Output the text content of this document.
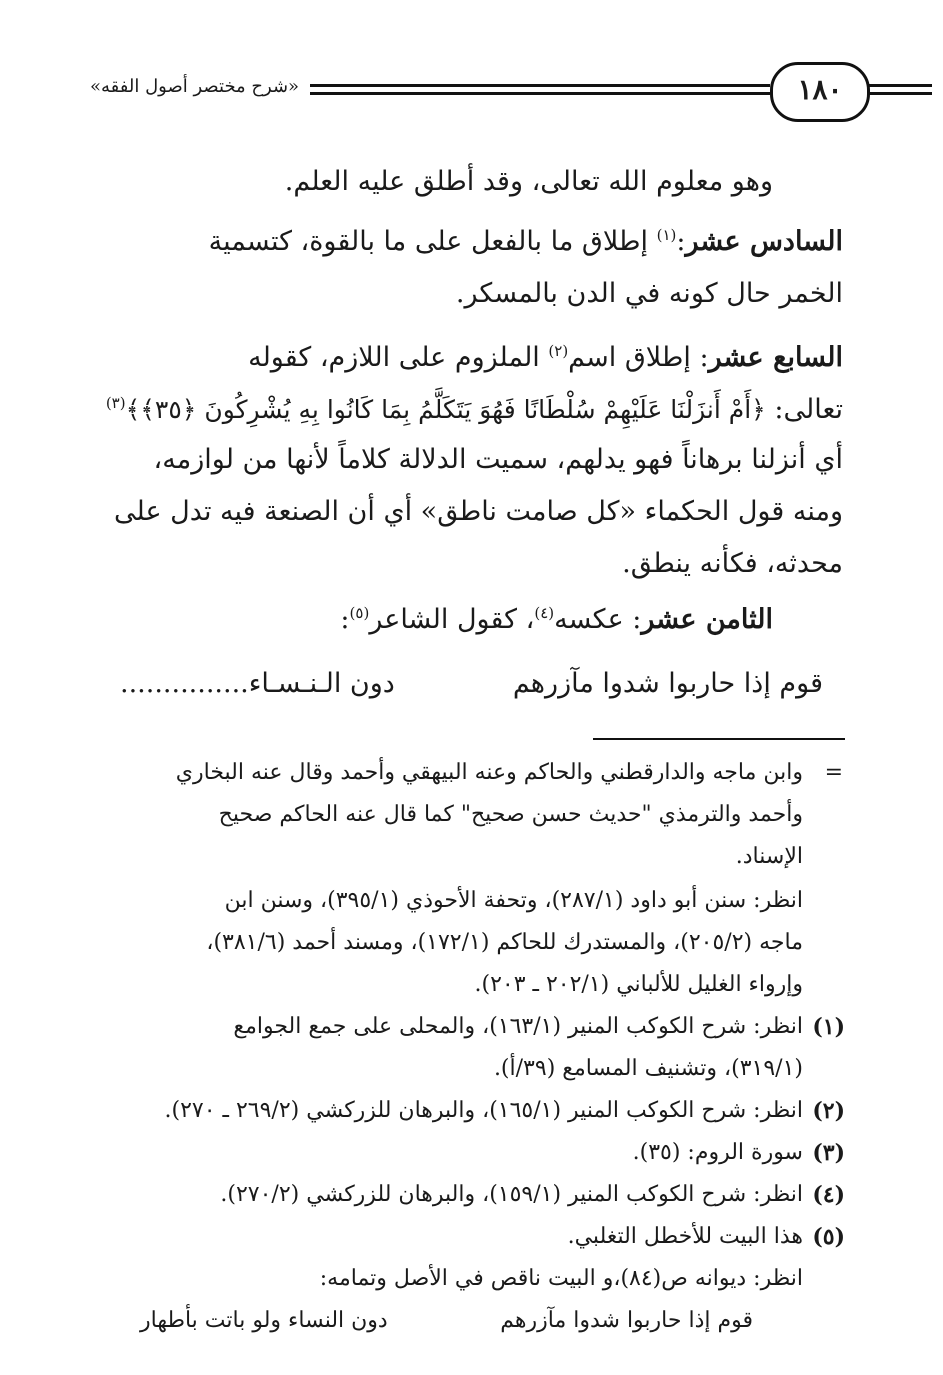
«شرح مختصر أصول الفقه»	١٨٠
وهو معلوم الله تعالى، وقد أطلق عليه العلم.
السادس عشر:$^{(١)}$ إطلاق ما بالفعل على ما بالقوة، كتسمية
الخمر حال كونه في الدن بالمسكر.
السابع عشر: إطلاق اسم$^{(٢)}$ الملزوم على اللازم، كقوله
تعالى: ﴿أَمْ أَنزَلْنَا عَلَيْهِمْ سُلْطَانًا فَهُوَ يَتَكَلَّمُ بِمَا كَانُوا بِهِ يُشْرِكُونَ ﴿٣٥﴾﴾$^{(٣)}$
أي أنزلنا برهاناً فهو يدلهم، سميت الدلالة كلاماً لأنها من لوازمه،
ومنه قول الحكماء «كل صامت ناطق» أي أن الصنعة فيه تدل على
محدثه، فكأنه ينطق.
الثامن عشر: عكسه$^{(٤)}$، كقول الشاعر$^{(٥)}$:
قوم إذا حاربوا شدوا مآزرهم
دون الـنـسـاء...............
=
وابن ماجه والدارقطني والحاكم وعنه البيهقي وأحمد وقال عنه البخاري
وأحمد والترمذي "حديث حسن صحيح" كما قال عنه الحاكم صحيح
الإسناد.
انظر: سنن أبو داود (٢٨٧/١)، وتحفة الأحوذي (٣٩٥/١)، وسنن ابن
ماجه (٢٠٥/٢)، والمستدرك للحاكم (١٧٢/١)، ومسند أحمد (٣٨١/٦)،
وإرواء الغليل للألباني (٢٠٢/١ ـ ٢٠٣).
(١)
انظر: شرح الكوكب المنير (١٦٣/١)، والمحلى على جمع الجوامع
(٣١٩/١)، وتشنيف المسامع (٣٩/أ).
(٢)
انظر: شرح الكوكب المنير (١٦٥/١)، والبرهان للزركشي (٢٦٩/٢ ـ ٢٧٠).
(٣)
سورة الروم: (٣٥).
(٤)
انظر: شرح الكوكب المنير (١٥٩/١)، والبرهان للزركشي (٢٧٠/٢).
(٥)
هذا البيت للأخطل التغلبي.
انظر: ديوانه ص(٨٤)،و البيت ناقص في الأصل وتمامه:
قوم إذا حاربوا شدوا مآزرهم
دون النساء ولو باتت بأطهار
